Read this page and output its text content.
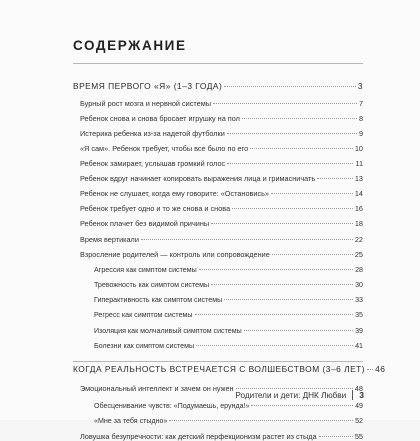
СОДЕРЖАНИЕ
ВРЕМЯ ПЕРВОГО «Я» (1–3 ГОДА)	3
Бурный рост мозга и нервной системы	7
Ребенок снова и снова бросает игрушку на пол	8
Истерика ребенка из-за надетой футболки	9
«Я сам». Ребенок требует, чтобы все было по его	10
Ребенок замирает, услышав громкий голос	11
Ребенок вдруг начинает копировать выражения лица и гримасничать	13
Ребенок не слушает, когда ему говорите: «Остановись»	14
Ребенок требует одно и то же снова и снова	16
Ребенок плачет без видимой причины	18
Время вертикали	22
Взросление родителей — контроль или сопровождение	25
Агрессия как симптом системы	28
Тревожность как симптом системы	30
Гиперактивность как симптом системы	33
Регресс как симптом системы	35
Изоляция как молчаливый симптом системы	39
Болезни как симптом системы	41
КОГДА РЕАЛЬНОСТЬ ВСТРЕЧАЕТСЯ С ВОЛШЕБСТВОМ (3–6 ЛЕТ) 46
Эмоциональный интеллект и зачем он нужен	48
Обесценивание чувств: «Подумаешь, ерунда!»	49
«Мне за тебя стыдно»	52
Ловушка безупречности: как детский перфекционизм растет из стыда	55
Родители и дети: ДНК Любви 3
